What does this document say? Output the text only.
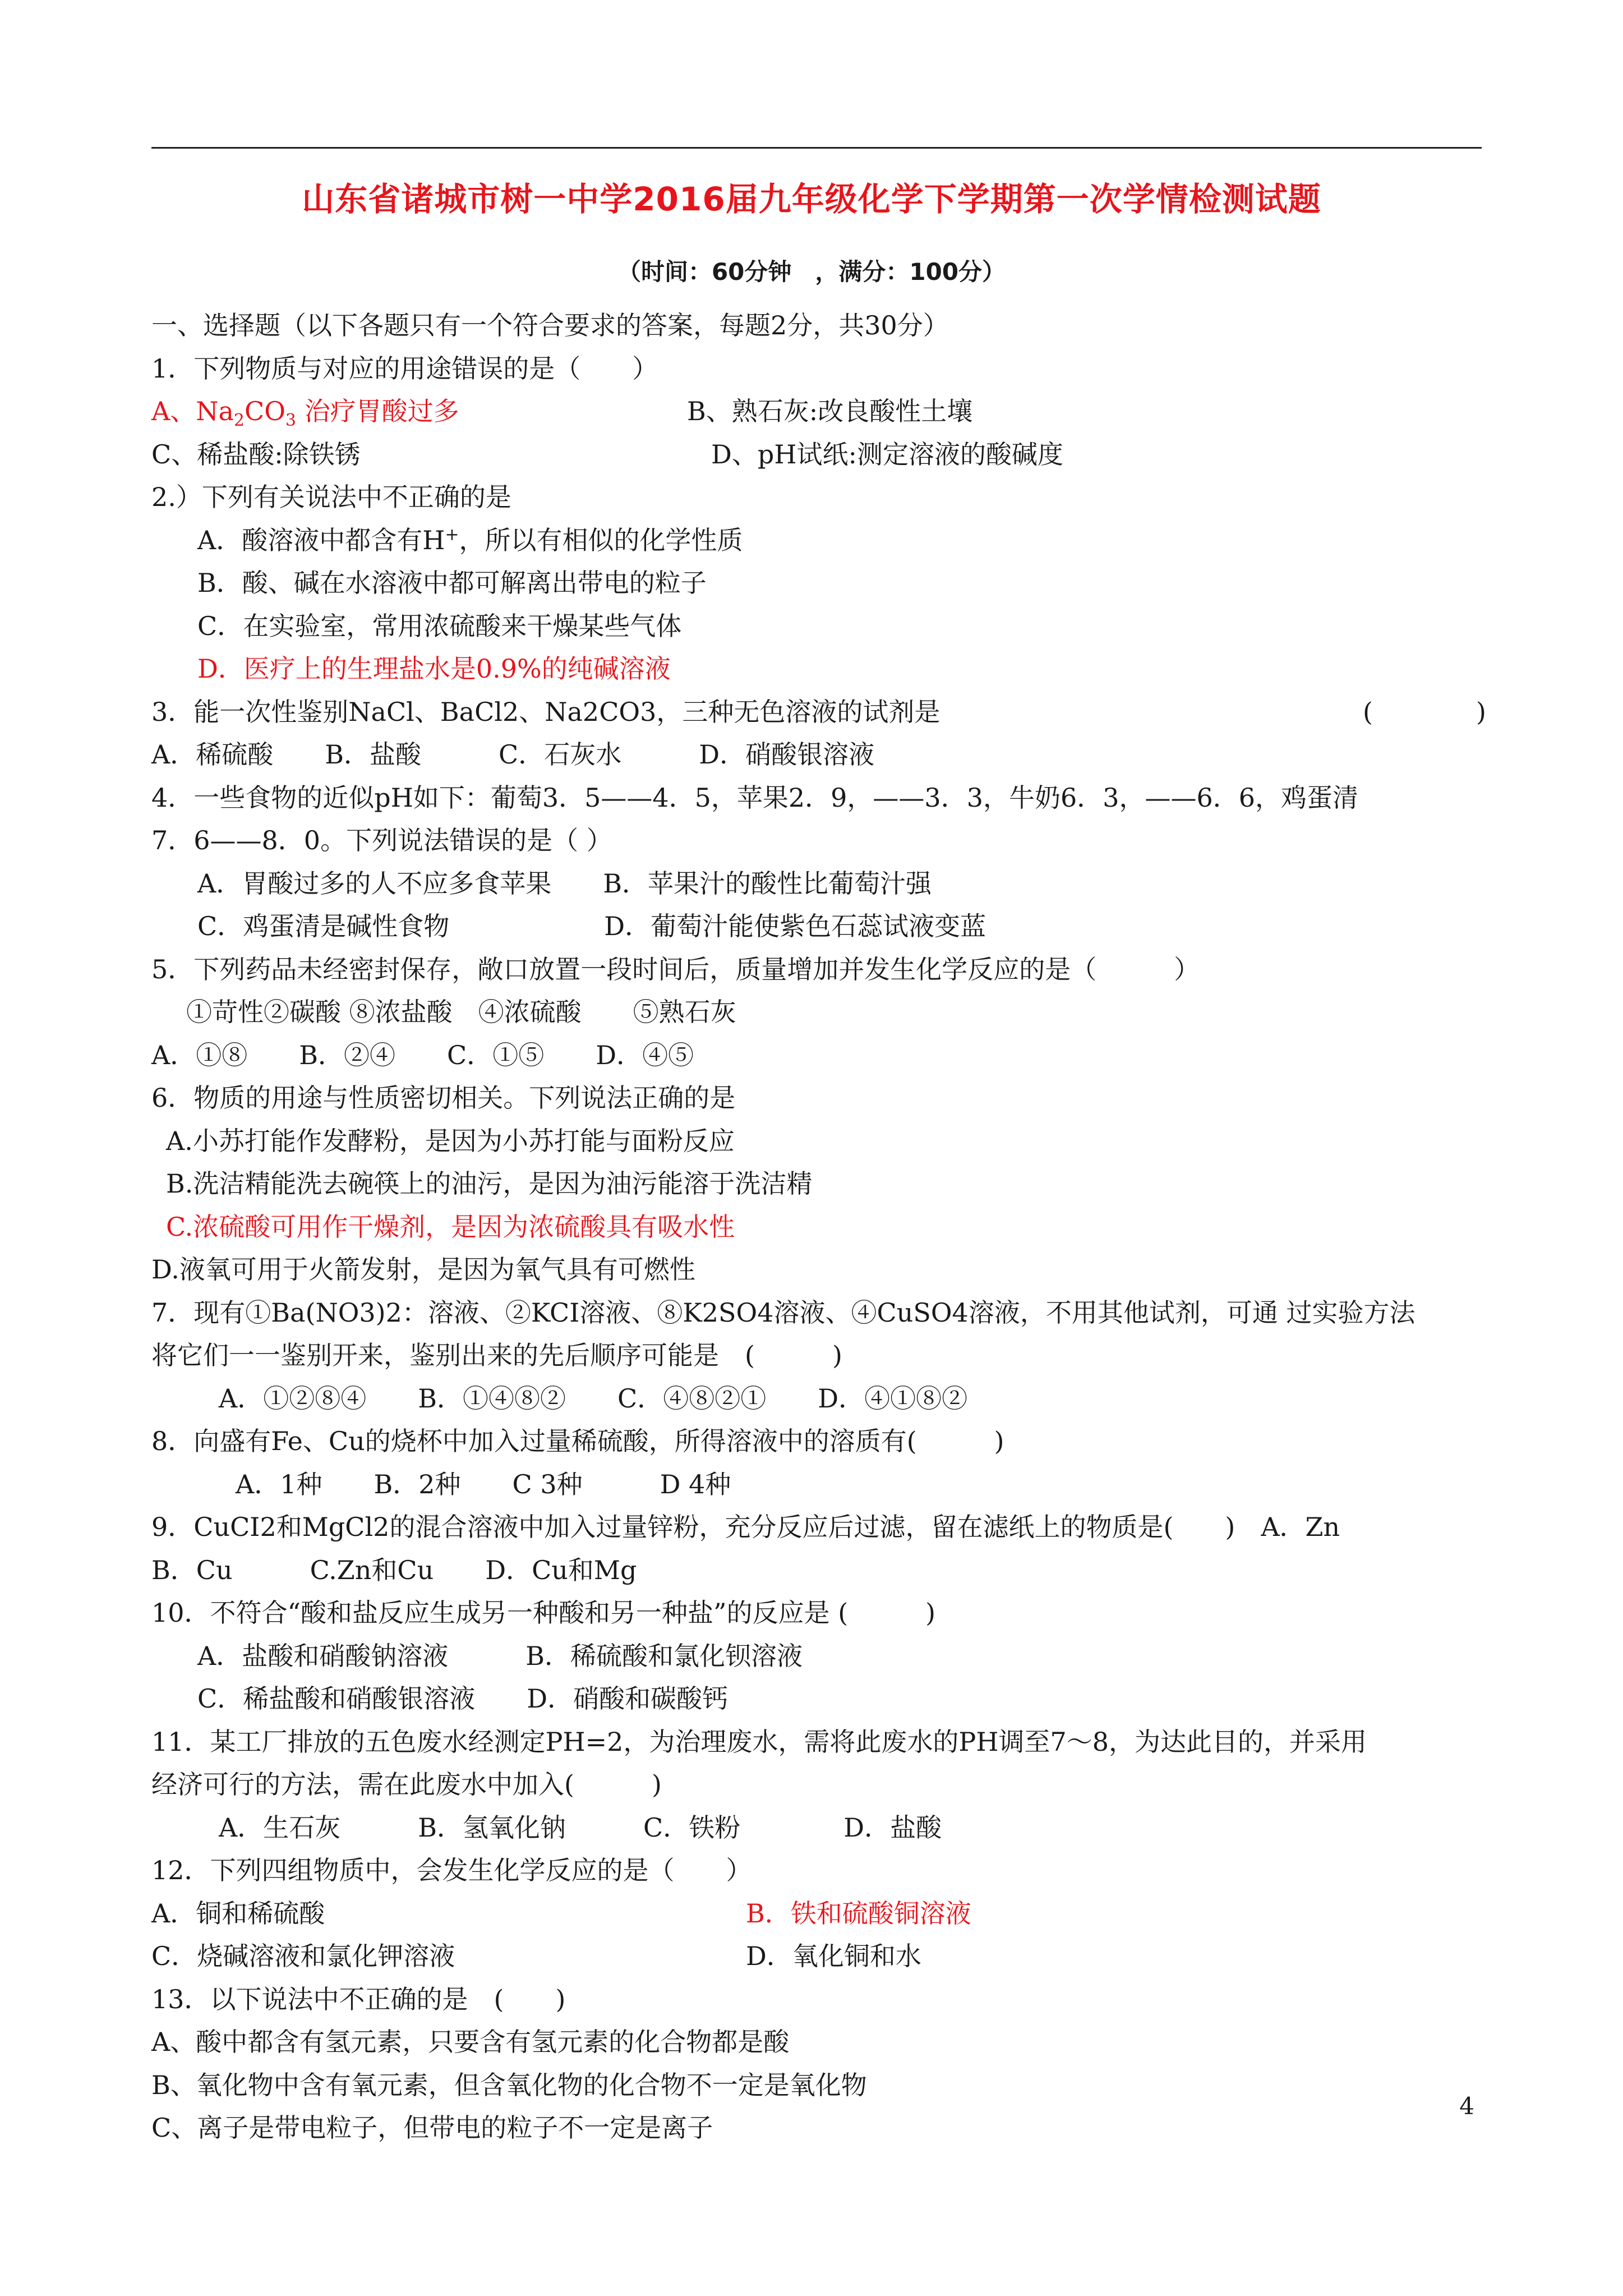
山东省诸城市树一中学2016届九年级化学下学期第一次学情检测试题
（时间：60分钟　，满分：100分）
一、选择题（以下各题只有一个符合要求的答案，每题2分，共30分）
1．下列物质与对应的用途错误的是（　　）

A、$Na_2CO_3$ 治疗胃酸过多

	B、熟石灰:改良酸性土壤

C、稀盐酸:除铁锈

	D、pH试纸:测定溶液的酸碱度

2.）下列有关说法中不正确的是
A．酸溶液中都含有H+，所以有相似的化学性质
B．酸、碱在水溶液中都可解离出带电的粒子
C．在实验室，常用浓硫酸来干燥某些气体
D．医疗上的生理盐水是0.9%的纯碱溶液

3．能一次性鉴别NaCl、BaCl2、Na2CO3，三种无色溶液的试剂是

	(　　　　)

A．稀硫酸　　B．盐酸　　　C．石灰水　　　D．硝酸银溶液
4．一些食物的近似pH如下：葡萄3．5——4．5，苹果2．9，——3．3，牛奶6．3，——6．6，鸡蛋清
7．6——8．0。下列说法错误的是（ ）
A．胃酸过多的人不应多食苹果　　B．苹果汁的酸性比葡萄汁强
C．鸡蛋清是碱性食物　　　　　　D．葡萄汁能使紫色石蕊试液变蓝
5．下列药品未经密封保存，敞口放置一段时间后，质量增加并发生化学反应的是（　　　）
①苛性②碳酸 ⑧浓盐酸　④浓硫酸　　⑤熟石灰
A．①⑧　　B．②④　　C．①⑤　　D．④⑤
6．物质的用途与性质密切相关。下列说法正确的是
A.小苏打能作发酵粉，是因为小苏打能与面粉反应
B.洗洁精能洗去碗筷上的油污，是因为油污能溶于洗洁精
C.浓硫酸可用作干燥剂，是因为浓硫酸具有吸水性
D.液氧可用于火箭发射，是因为氧气具有可燃性
7．现有①Ba(NO3)2：溶液、②KCI溶液、⑧K2SO4溶液、④CuSO4溶液，不用其他试剂，可通 过实验方法
将它们一一鉴别开来，鉴别出来的先后顺序可能是　(　　　)
A．①②⑧④　　B．①④⑧②　　C．④⑧②①　　D．④①⑧②
8．向盛有Fe、Cu的烧杯中加入过量稀硫酸，所得溶液中的溶质有(　　　)
A．1种　　B．2种　　C 3种　　　D 4种
9．CuCI2和MgCl2的混合溶液中加入过量锌粉，充分反应后过滤，留在滤纸上的物质是(　　)　A．Zn
B．Cu　　　C.Zn和Cu　　D．Cu和Mg
10．不符合“酸和盐反应生成另一种酸和另一种盐”的反应是 (　　　)
A．盐酸和硝酸钠溶液　　　B．稀硫酸和氯化钡溶液
C．稀盐酸和硝酸银溶液　　D．硝酸和碳酸钙
11．某工厂排放的五色废水经测定PH=2，为治理废水，需将此废水的PH调至7～8，为达此目的，并采用
经济可行的方法，需在此废水中加入(　　　)
A．生石灰　　　B．氢氧化钠　　　C．铁粉　　　　D．盐酸
12．下列四组物质中，会发生化学反应的是（　　）

A．铜和稀硫酸

	B．铁和硫酸铜溶液

C．烧碱溶液和氯化钾溶液

	D．氧化铜和水

13．以下说法中不正确的是　(　　)
A、酸中都含有氢元素，只要含有氢元素的化合物都是酸
B、氧化物中含有氧元素，但含氧化物的化合物不一定是氧化物
C、离子是带电粒子，但带电的粒子不一定是离子
4
